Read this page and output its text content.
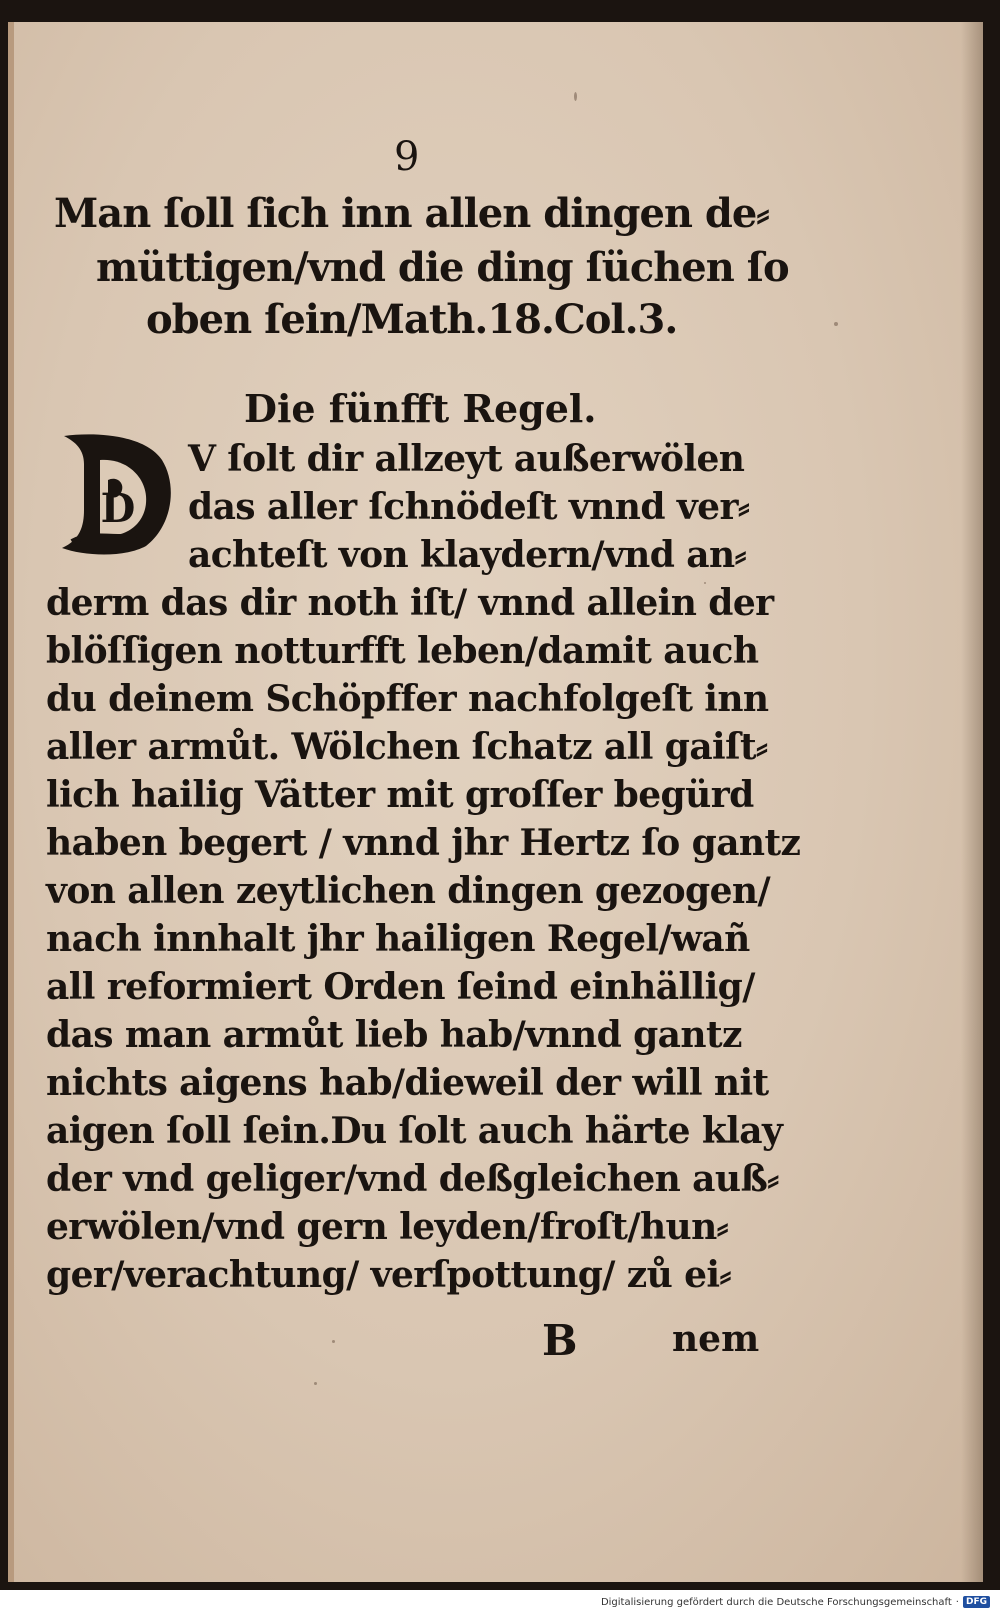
9
Man ſoll ſich inn allen dingen de⸗
müttigen/vnd die ding ſüchen ſo
oben ſein/Math.18.Col.3.
Die fünfft Regel.
D
V ſolt dir allzeyt außerwölen
das aller ſchnödeſt vnnd ver⸗
achteſt von klaydern/vnd an⸗
derm das dir noth iſt/ vnnd allein der
blöſſigen notturfft leben/damit auch
du deinem Schöpffer nachfolgeſt inn
aller armůt. Wölchen ſchatz all gaiſt⸗
lich hailig Vätter mit groſſer begürd
haben begert / vnnd jhr Hertz ſo gantz
von allen zeytlichen dingen gezogen/
nach innhalt jhr hailigen Regel/wañ
all reformiert Orden ſeind einhällig/
das man armůt lieb hab/vnnd gantz
nichts aigens hab/dieweil der will nit
aigen ſoll ſein.Du ſolt auch härte klay
der vnd geliger/vnd deßgleichen auß⸗
erwölen/vnd gern leyden/froſt/hun⸗
ger/verachtung/ verſpottung/ zů ei⸗
B	nem
Digitalisierung gefördert durch die Deutsche Forschungsgemeinschaft · DFG
